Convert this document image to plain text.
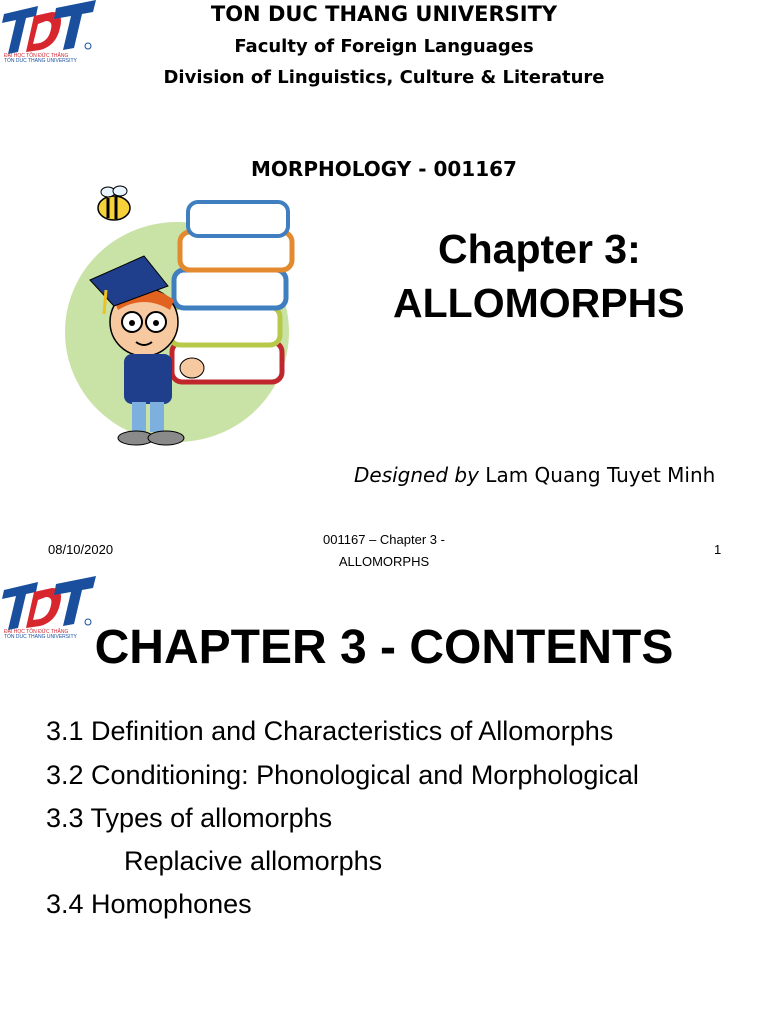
ĐẠI HỌC TÔN ĐỨC THẮNG
TON DUC THANG UNIVERSITY
TON DUC THANG UNIVERSITY
Faculty of Foreign Languages
Division of Linguistics, Culture & Literature
MORPHOLOGY - 001167
Chapter 3:
ALLOMORPHS
Designed by Lam Quang Tuyet Minh
08/10/2020
001167 – Chapter 3 -
ALLOMORPHS
1
ĐẠI HỌC TÔN ĐỨC THẮNG
TON DUC THANG UNIVERSITY CHAPTER 3 - CONTENTS
3.1 Definition and Characteristics of Allomorphs
3.2 Conditioning: Phonological and Morphological
3.3 Types of allomorphs
Replacive allomorphs
3.4 Homophones
